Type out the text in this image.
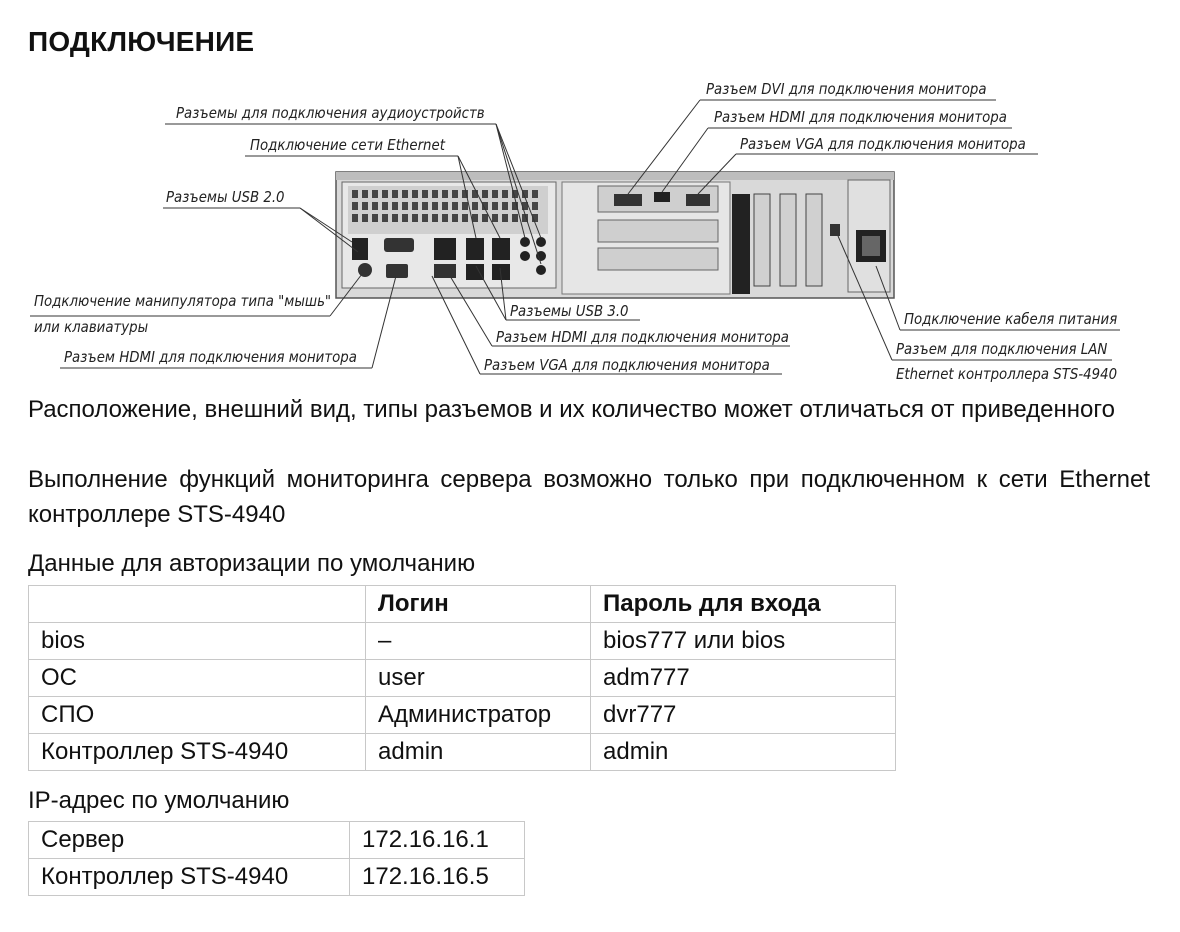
ПОДКЛЮЧЕНИЕ
Разъемы для подключения аудиоустройств
Подключение сети Ethernet
Разъемы USB 2.0
Подключение манипулятора типа "мышь"
или клавиатуры
Разъем HDMI для подключения монитора
Разъемы USB 3.0
Разъем HDMI для подключения монитора
Разъем VGA для подключения монитора
Разъем DVI для подключения монитора
Разъем HDMI для подключения монитора
Разъем VGA для подключения монитора
Подключение кабеля питания
Разъем для подключения LAN
Ethernet контроллера STS-4940
Расположение, внешний вид, типы разъемов и их количество может отличаться от приведенного
Выполнение функций мониторинга сервера возможно только при подключенном к сети Ethernet контроллере STS-4940
Данные для авторизации по умолчанию
	Логин	Пароль для входа
bios	–	bios777 или bios
ОС	user	adm777
СПО	Администратор	dvr777
Контроллер STS-4940	admin	admin
IP-адрес по умолчанию
Сервер	172.16.16.1
Контроллер STS-4940	172.16.16.5
